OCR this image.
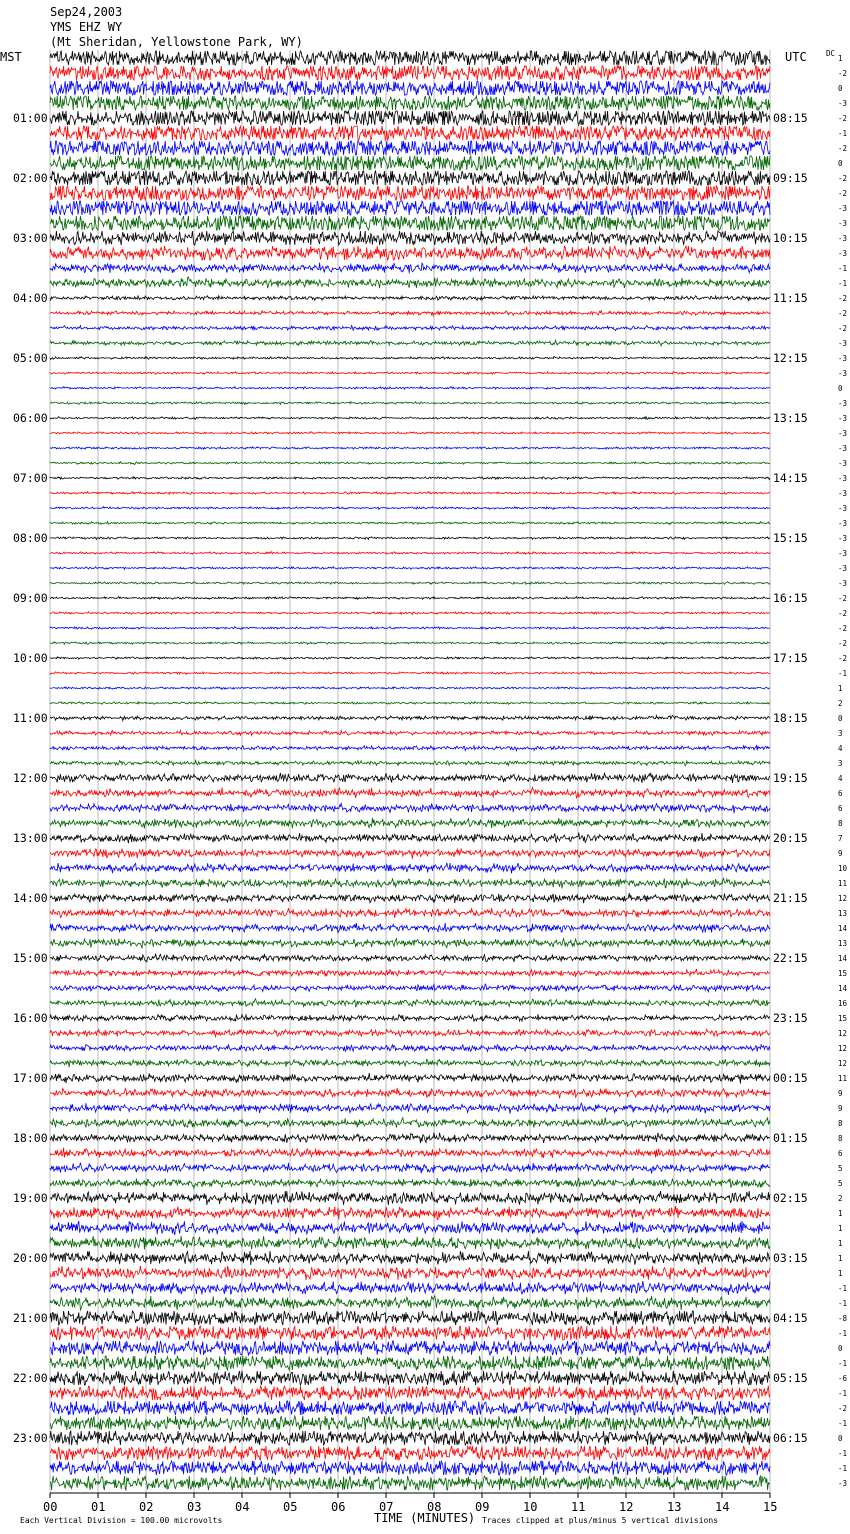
Sep24,2003
YMS EHZ WY
(Mt Sheridan, Yellowstone Park, WY)
MST	UTC	DC
01:00
02:00
03:00
04:00
05:00
06:00
07:00
08:00
09:00
10:00
11:00
12:00
13:00
14:00
15:00
16:00
17:00
18:00
19:00
20:00
21:00
22:00
23:00
08:15
09:15
10:15
11:15
12:15
13:15
14:15
15:15
16:15
17:15
18:15
19:15
20:15
21:15
22:15
23:15
00:15
01:15
02:15
03:15
04:15
05:15
06:15
1
-2
0
-3
-2
-1
-2
0
-2
-2
-3
-3
-3
-3
-1
-1
-2
-2
-2
-3
-3
-3
0
-3
-3
-3
-3
-3
-3
-3
-3
-3
-3
-3
-3
-3
-2
-2
-2
-2
-2
-1
1
2
0
3
4
3
4
6
6
8
7
9
10
11
12
13
14
13
14
15
14
16
15
12
12
12
11
9
9
8
8
6
5
5
2
1
1
1
1
1
-1
-1
-8
-1
0
-1
-6
-1
-2
-1
0
-1
-1
-3
00	01	02	03	04	05	06	07	08	09	10	11	12	13	14	15
TIME (MINUTES)
Each Vertical Division = 100.00 microvolts	Traces clipped at plus/minus 5 vertical divisions
